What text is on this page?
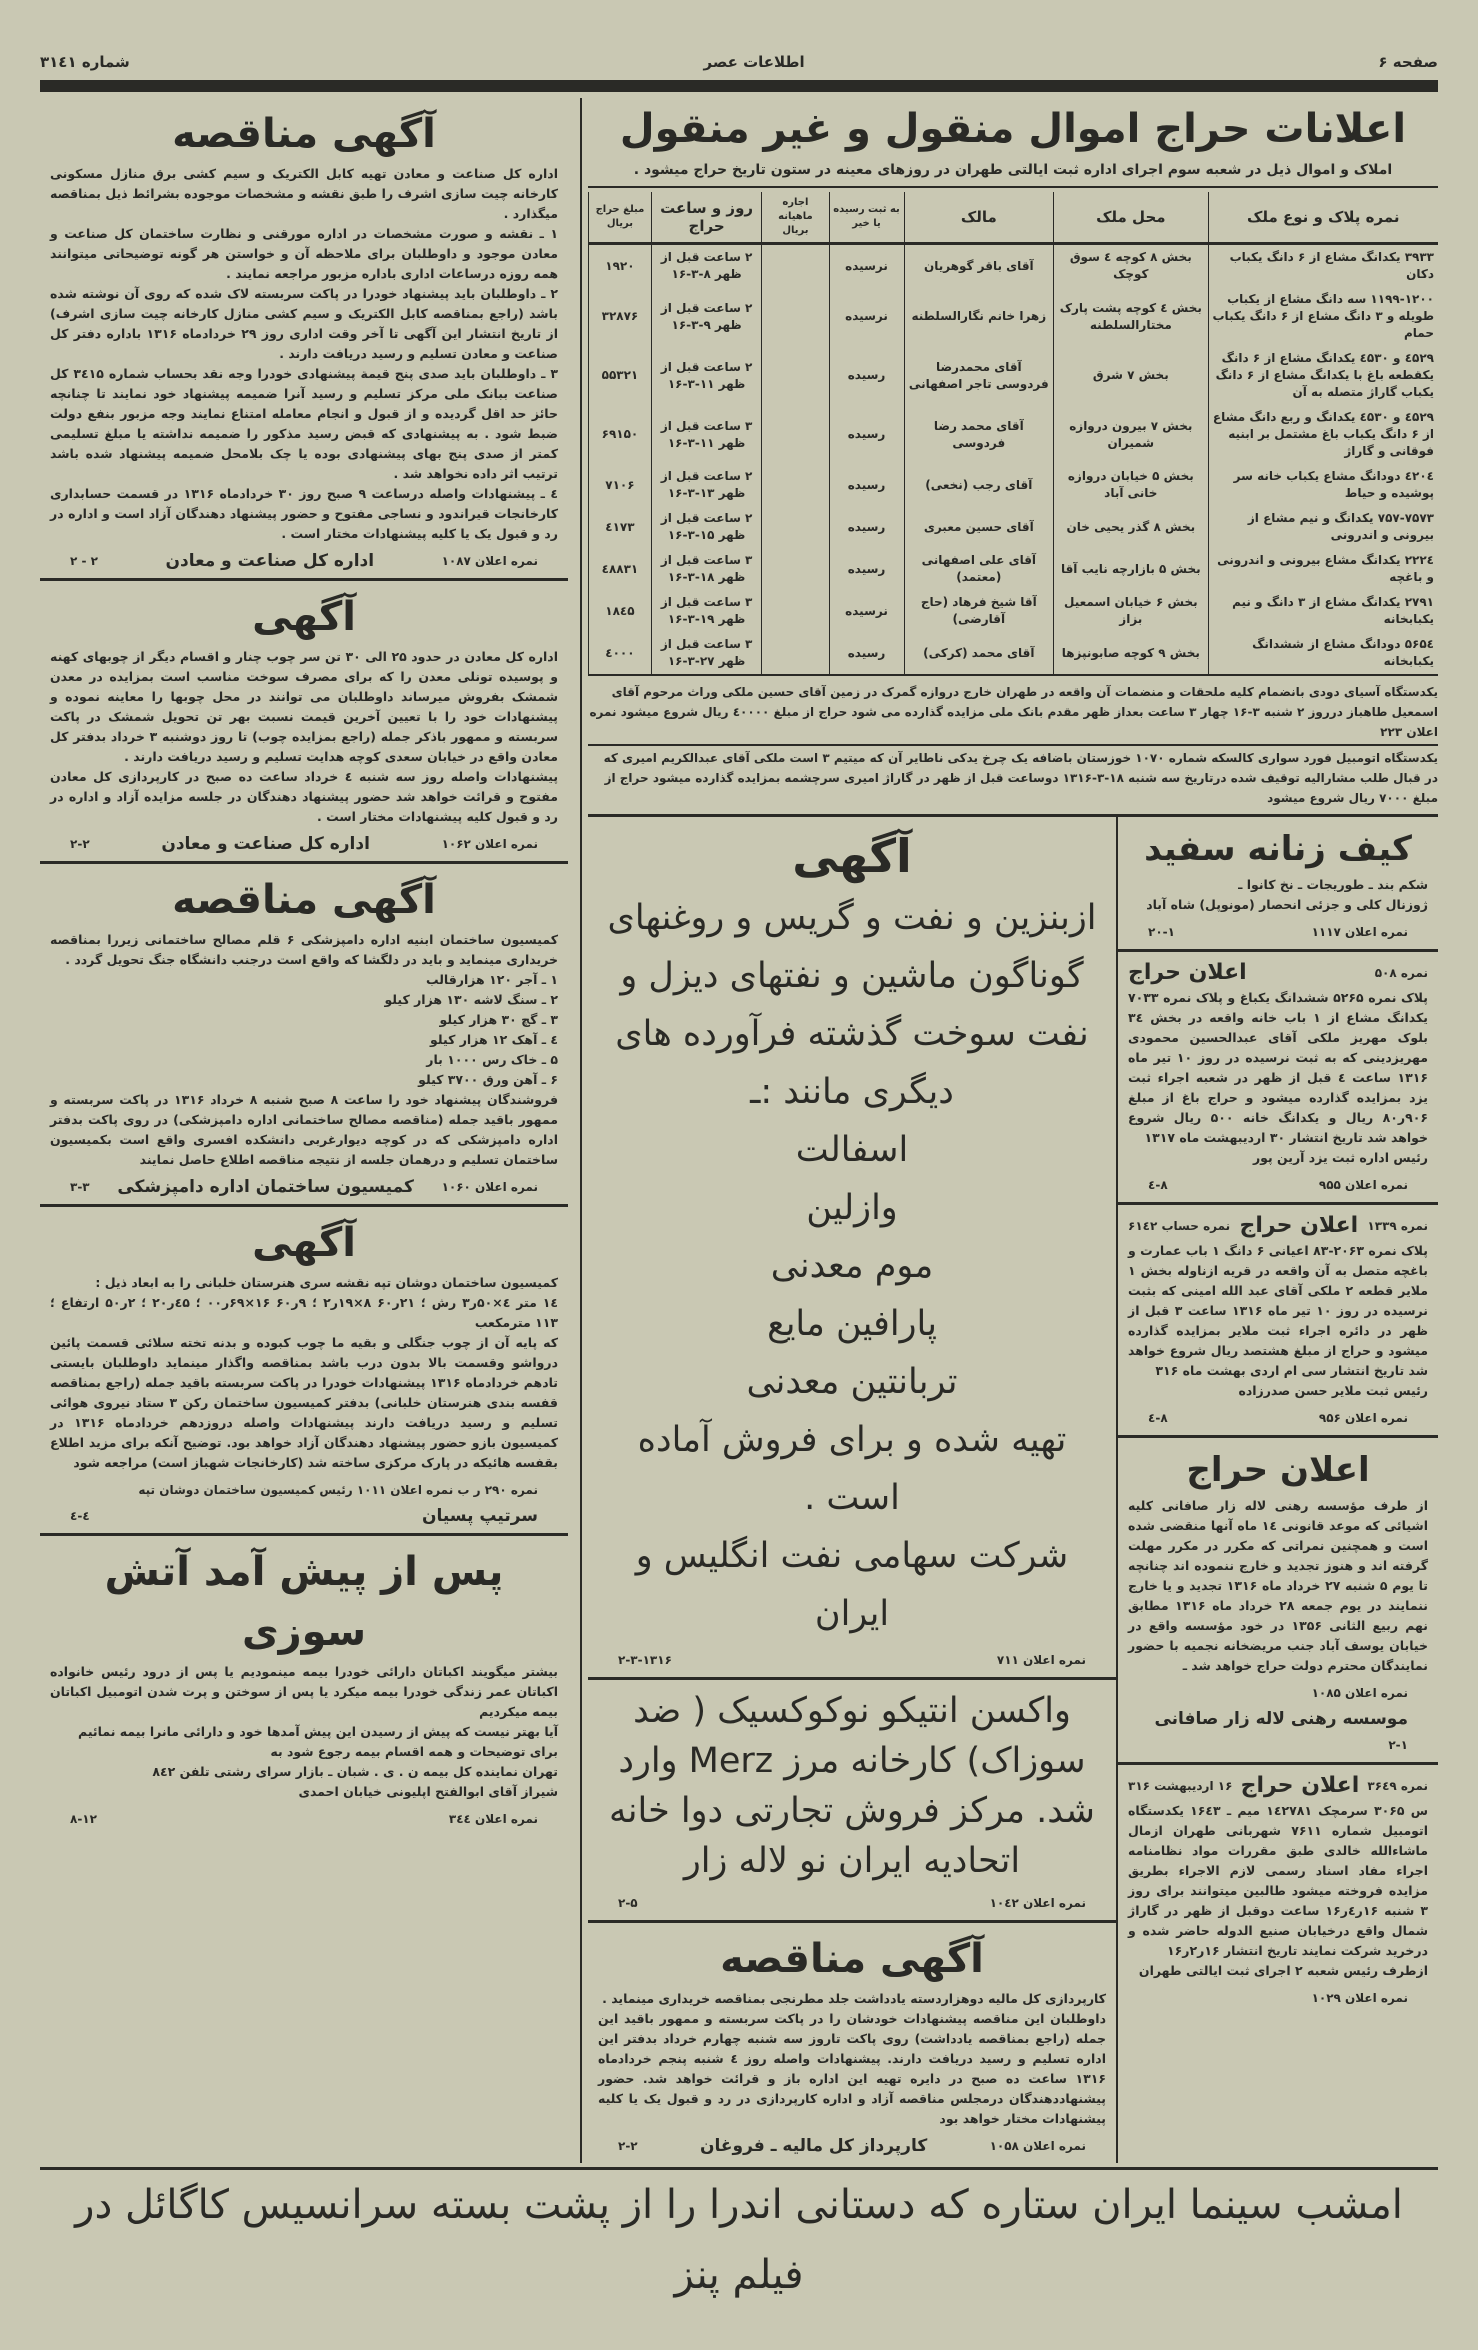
صفحه ۶
اطلاعات عصر
شماره ۳۱٤۱
اعلانات حراج اموال منقول و غیر منقول
املاک و اموال ذیل در شعبه سوم اجرای اداره ثبت ایالتی طهران در روزهای معینه در ستون تاریخ حراج میشود .
نمره پلاک و نوع ملک	محل ملک	مالک	به ثبت رسیده یا خیر	اجاره ماهیانه بریال	روز و ساعت حراج	مبلغ حراج بریال
۳۹۳۳ یکدانگ مشاع از ۶ دانگ یکباب دکان	بخش ۸ کوچه ٤ سوق کوچک	آقای باقر گوهریان	نرسیده		۲ ساعت قبل از ظهر ۸-۳-۱۶	۱۹۲۰
۱۱۹۹-۱۲۰۰ سه دانگ مشاع از یکباب طویله و ۳ دانگ مشاع از ۶ دانگ یکباب حمام	بخش ٤ کوچه پشت پارک مختارالسلطنه	زهرا خانم نگارالسلطنه	نرسیده		۲ ساعت قبل از ظهر ۹-۳-۱۶	۳۲۸۷۶
٤۵۲۹ و ٤۵۳۰ یکدانگ مشاع از ۶ دانگ یکقطعه باغ با یکدانگ مشاع از ۶ دانگ یکباب گاراژ متصله به آن	بخش ۷ شرق	آقای محمدرضا فردوسی تاجر اصفهانی	رسیده		۲ ساعت قبل از ظهر ۱۱-۳-۱۶	۵۵۳۲۱
٤۵۲۹ و ٤۵۳۰ یکدانگ و ربع دانگ مشاع از ۶ دانگ یکباب باغ مشتمل بر ابنیه فوقانی و گاراژ	بخش ۷ بیرون دروازه شمیران	آقای محمد رضا فردوسی	رسیده		۳ ساعت قبل از ظهر ۱۱-۳-۱۶	۶۹۱۵۰
٤۲۰٤ دودانگ مشاع یکباب خانه سر پوشیده و حیاط	بخش ۵ خیابان دروازه خانی آباد	آقای رجب (نخعی)	رسیده		۲ ساعت قبل از ظهر ۱۳-۳-۱۶	۷۱۰۶
۷۵۷-۷۵۷۳ یکدانگ و نیم مشاع از بیرونی و اندرونی	بخش ۸ گذر یحیی خان	آقای حسین معبری	رسیده		۲ ساعت قبل از ظهر ۱۵-۳-۱۶	٤۱۷۳
۲۲۲٤ یکدانگ مشاع بیرونی و اندرونی و باغچه	بخش ۵ بازارچه نایب آقا	آقای علی اصفهانی (معتمد)	رسیده		۳ ساعت قبل از ظهر ۱۸-۳-۱۶	٤۸۸۳۱
۲۷۹۱ یکدانگ مشاع از ۳ دانگ و نیم یکبابخانه	بخش ۶ خیابان اسمعیل بزاز	آقا شیخ فرهاد (حاج آقارضی)	نرسیده		۳ ساعت قبل از ظهر ۱۹-۳-۱۶	۱۸٤۵
۵۶۵٤ دودانگ مشاع از ششدانگ یکبابخانه	بخش ۹ کوچه صابونپزها	آقای محمد (کرکی)	رسیده		۳ ساعت قبل از ظهر ۲۷-۳-۱۶	٤۰۰۰
یکدستگاه آسیای دودی بانضمام کلیه ملحقات و منضمات آن واقعه در طهران خارج دروازه گمرک در زمین آقای حسین ملکی وراث مرحوم آقای اسمعیل طاهباز درروز ۲ شنبه ۳-۱۶ چهار ۳ ساعت بعداز ظهر مقدم بانک ملی مزایده گذارده می شود حراج از مبلغ ٤۰۰۰۰ ریال شروع میشود نمره اعلان ۲۲۳
یکدستگاه اتومبیل فورد سواری کالسکه شماره ۱۰۷۰ خوزستان باضافه یک چرخ یدکی ناطایر آن که میتیم ۳ است ملکی آقای عبدالکریم امیری که در قبال طلب مشارالیه توقیف شده درتاریخ سه شنبه ۱۸-۳-۱۳۱۶ دوساعت قبل از ظهر در گاراژ امیری سرچشمه بمزایده گذارده میشود حراج از مبلغ ۷۰۰۰ ریال شروع میشود
کیف زنانه سفید
شکم بند ـ طوریجات ـ نخ کانوا ـ
ژوزنال کلی و جزئی انحصار (مونوپل) شاه آباد
نمره اعلان ۱۱۱۷
۲۰-۱
نمره ۵۰۸
اعلان حراج
پلاک نمره ۵۲۶۵ ششدانگ یکباغ و پلاک نمره ۷۰۳۳ یکدانگ مشاع از ۱ باب خانه واقعه در بخش ۳٤ بلوک مهریز ملکی آقای عبدالحسین محمودی مهریزدینی که به ثبت نرسیده در روز ۱۰ تیر ماه ۱۳۱۶ ساعت ٤ قبل از ظهر در شعبه اجراء ثبت یزد بمزایده گذارده میشود و حراج باغ از مبلغ ۹۰۶ر۸۰ ریال و یکدانگ خانه ۵۰۰ ریال شروع خواهد شد تاریخ انتشار ۳۰ اردیبهشت ماه ۱۳۱۷
رئیس اداره ثبت یزد آرین پور
نمره اعلان ۹۵۵
۸-٤
نمره ۱۳۳۹
اعلان حراج
نمره حساب ۶۱٤۲
پلاک نمره ۲۰۶۳-۸۳ اعیانی ۶ دانگ ۱ باب عمارت و باغچه متصل به آن واقعه در قریه ازناوله بخش ۱ ملایر قطعه ۲ ملکی آقای عبد الله امینی که بثبت نرسیده در روز ۱۰ تیر ماه ۱۳۱۶ ساعت ۳ قبل از ظهر در دائره اجراء ثبت ملایر بمزایده گذارده میشود و حراج از مبلغ هشتصد ریال شروع خواهد شد تاریخ انتشار سی ام اردی بهشت ماه ۳۱۶
رئیس ثبت ملایر حسن صدرزاده
نمره اعلان ۹۵۶
۸-٤
اعلان حراج
از طرف مؤسسه رهنی لاله زار صافانی کلیه اشیائی که موعد قانونی ۱٤ ماه آنها منقضی شده است و همچنین نمراتی که مکرر در مکرر مهلت گرفته اند و هنوز تجدید و خارج ننموده اند چنانچه تا یوم ۵ شنبه ۲۷ خرداد ماه ۱۳۱۶ تجدید و یا خارج ننمایند در یوم جمعه ۲۸ خرداد ماه ۱۳۱۶ مطابق نهم ربیع الثانی ۱۳۵۶ در خود مؤسسه واقع در خیابان یوسف آباد جنب مریضخانه نجمیه با حضور نمایندگان محترم دولت حراج خواهد شد ـ
نمره اعلان ۱۰۸۵
موسسه رهنی لاله زار صافانی
۲-۱
نمره ۳۶٤۹
اعلان حراج
۱۶ اردیبهشت ۳۱۶
س ۳۰۶۵ سرمچک ۱٤۲۷۸۱ میم ـ ۱۶٤۳ یکدستگاه اتومبیل شماره ۷۶۱۱ شهربانی طهران ازمال ماشاءالله خالدی طبق مقررات مواد نظامنامه اجراء مفاد اسناد رسمی لازم الاجراء بطریق مزایده فروخته میشود طالبین میتوانند برای روز ۳ شنبه ۱۶ر٤ر۱۶ ساعت دوقبل از ظهر در گاراژ شمال واقع درخیابان صنیع الدوله حاضر شده و درخرید شرکت نمایند تاریخ انتشار ۱۶ر۲ر۱۶
ازطرف رئیس شعبه ۲ اجرای ثبت ایالتی طهران
نمره اعلان ۱۰۲۹
آگهی
ازبنزین و نفت و گریس و روغنهای
گوناگون ماشین و نفتهای دیزل و
نفت سوخت گذشته فرآورده های
دیگری مانند :ـ
اسفالت
وازلین
موم معدنی
پارافین مایع
تربانتین معدنی
تهیه شده و برای فروش آماده است .
شرکت سهامی نفت انگلیس و ایران
نمره اعلان ۷۱۱
۲-۳-۱۳۱۶
واکسن انتیکو نوکوکسیک ( ضد
سوزاک) کارخانه مرز Merz وارد
شد. مرکز فروش تجارتی دوا خانه
اتحادیه ایران نو لاله زار
نمره اعلان ۱۰٤۲
۲-۵
آگهی مناقصه
کارپردازی کل مالیه دوهزاردسته یادداشت جلد مطرنجی بمناقصه خریداری مینماید .
داوطلبان این مناقصه پیشنهادات خودشان را در پاکت سربسته و ممهور باقید این جمله (راجع بمناقصه یادداشت) روی پاکت تاروز سه شنبه چهارم خرداد بدفتر این اداره تسلیم و رسید دریافت دارند. پیشنهادات واصله روز ٤ شنبه پنجم خردادماه ۱۳۱۶ ساعت ده صبح در دایره تهیه این اداره باز و قرائت خواهد شد. حضور پیشنهاددهندگان درمجلس مناقصه آزاد و اداره کارپردازی در رد و قبول یک یا کلیه پیشنهادات مختار خواهد بود
نمره اعلان ۱۰۵۸
کارپرداز کل مالیه ـ فروغان
۲-۲
آگهی مناقصه
اداره کل صناعت و معادن تهیه کابل الکتریک و سیم کشی برق منازل مسکونی کارخانه چیت سازی اشرف را طبق نقشه و مشخصات موجوده بشرائط ذیل بمناقصه میگذارد .
۱ ـ نقشه و صورت مشخصات در اداره مورقنی و نظارت ساختمان کل صناعت و معادن موجود و داوطلبان برای ملاحظه آن و خواستن هر گونه توضیحاتی میتوانند همه روزه درساعات اداری باداره مزبور مراجعه نمایند .
۲ ـ داوطلبان باید پیشنهاد خودرا در پاکت سربسته لاک شده که روی آن نوشته شده باشد (راجع بمناقصه کابل الکتریک و سیم کشی منازل کارخانه چیت سازی اشرف) از تاریخ انتشار این آگهی تا آخر وقت اداری روز ۲۹ خردادماه ۱۳۱۶ باداره دفتر کل صناعت و معادن تسلیم و رسید دریافت دارند .
۳ ـ داوطلبان باید صدی پنج قیمة پیشنهادی خودرا وجه نقد بحساب شماره ۳٤۱۵ کل صناعت ببانک ملی مرکز تسلیم و رسید آنرا ضمیمه پیشنهاد خود نمایند تا چنانچه حائز حد اقل گردیده و از قبول و انجام معامله امتناع نمایند وجه مزبور بنفع دولت ضبط شود . به پیشنهادی که قبض رسید مذکور را ضمیمه نداشته یا مبلغ تسلیمی کمتر از صدی پنج بهای پیشنهادی بوده یا چک بلامحل ضمیمه پیشنهاد شده باشد ترتیب اثر داده نخواهد شد .
٤ ـ پیشنهادات واصله درساعت ۹ صبح روز ۳۰ خردادماه ۱۳۱۶ در قسمت حسابداری کارخانجات قیراندود و نساجی مفتوح و حضور پیشنهاد دهندگان آزاد است و اداره در رد و قبول یک یا کلیه پیشنهادات مختار است .
نمره اعلان ۱۰۸۷
اداره کل صناعت و معادن
۲ - ۲
آگهی
اداره کل معادن در حدود ۲۵ الی ۳۰ تن سر چوب چنار و اقسام دیگر از چوبهای کهنه و پوسیده تونلی معدن را که برای مصرف سوخت مناسب است بمزایده در معدن شمشک بفروش میرساند داوطلبان می توانند در محل چوبها را معاینه نموده و پیشنهادات خود را با تعیین آخرین قیمت نسبت بهر تن تحویل شمشک در پاکت سربسته و ممهور باذکر جمله (راجع بمزایده چوب) تا روز دوشنبه ۳ خرداد بدفتر کل معادن واقع در خیابان سعدی کوچه هدایت تسلیم و رسید دریافت دارند .
پیشنهادات واصله روز سه شنبه ٤ خرداد ساعت ده صبح در کارپردازی کل معادن مفتوح و قرائت خواهد شد حضور پیشنهاد دهندگان در جلسه مزایده آزاد و اداره در رد و قبول کلیه پیشنهادات مختار است .
نمره اعلان ۱۰۶۲
اداره کل صناعت و معادن
۲-۲
آگهی مناقصه
کمیسیون ساختمان ابنیه اداره دامپزشکی ۶ قلم مصالح ساختمانی زیررا بمناقصه خریداری مینماید و باید در دلگشا که واقع است درجنب دانشگاه جنگ تحویل گردد .
۱ ـ آجر ۱۲۰ هزارقالب
۲ ـ سنگ لاشه ۱۳۰ هزار کیلو
۳ ـ گچ ۳۰ هزار کیلو
٤ ـ آهک ۱۲ هزار کیلو
۵ ـ خاک رس ۱۰۰۰ بار
۶ ـ آهن ورق ۳۷۰۰ کیلو
فروشندگان پیشنهاد خود را ساعت ۸ صبح شنبه ۸ خرداد ۱۳۱۶ در پاکت سربسته و ممهور باقید جمله (مناقصه مصالح ساختمانی اداره دامپزشکی) در روی پاکت بدفتر اداره دامپزشکی که در کوچه دیوارغربی دانشکده افسری واقع است بکمیسیون ساختمان تسلیم و درهمان جلسه از نتیجه مناقصه اطلاع حاصل نمایند
نمره اعلان ۱۰۶۰
کمیسیون ساختمان اداره دامپزشکی
۳-۳
آگهی
کمیسیون ساختمان دوشان تپه نقشه سری هنرستان خلبانی را به ابعاد ذیل :
۱٤ متر ٤×۵۰ر۳ رش ؛ ۲۱ر۶۰ ۸×۱۹ر۲ ؛ ۹ر۶۰ ۱۶×۶۹ر۰۰ ؛ ٤۵ر۲۰ ؛ ۲ر۵۰ ارتفاع ؛ ۱۱۳ مترمکعب
که پایه آن از چوب جنگلی و بقیه ما چوب کبوده و بدنه تخته سلائی قسمت پائین درواشو وقسمت بالا بدون درب باشد بمناقصه واگذار مینماید داوطلبان بایستی تادهم خردادماه ۱۳۱۶ پیشنهادات خودرا در پاکت سربسته باقید جمله (راجع بمناقصه قفسه بندی هنرستان خلبانی) بدفتر کمیسیون ساختمان رکن ۳ ستاد نیروی هوائی تسلیم و رسید دریافت دارند پیشنهادات واصله دروزدهم خردادماه ۱۳۱۶ در کمیسیون بازو حضور پیشنهاد دهندگان آزاد خواهد بود. توضیح آنکه برای مزید اطلاع بقفسه هائیکه در پارک مرکزی ساخته شد (کارخانجات شهباز است) مراجعه شود
نمره ۲۹۰ ر ب نمره اعلان ۱۰۱۱ رئیس کمیسیون ساختمان دوشان تپه
سرتیپ پسیان
٤-٤
پس از پیش آمد آتش سوزی
بیشتر میگویند اکباتان دارائی خودرا بیمه مینمودیم یا پس از درود رئیس خانواده اکباتان عمر زندگی خودرا بیمه میکرد یا پس از سوختن و پرت شدن اتومبیل اکباتان بیمه میکردیم
آیا بهتر نیست که پیش از رسیدن این پیش آمدها خود و دارائی مانرا بیمه نمائیم
برای توضیحات و همه اقسام بیمه رجوع شود به
تهران نماینده کل بیمه ن . ی . شبان ـ بازار سرای رشتی تلفن ۸٤۲
شیراز آقای ابوالفتح اپلیونی خیابان احمدی
نمره اعلان ۳٤٤
۸-۱۲
امشب سینما ایران ستاره که دستانی اندرا را از پشت بسته سرانسیس کاگائل در فیلم پنز
